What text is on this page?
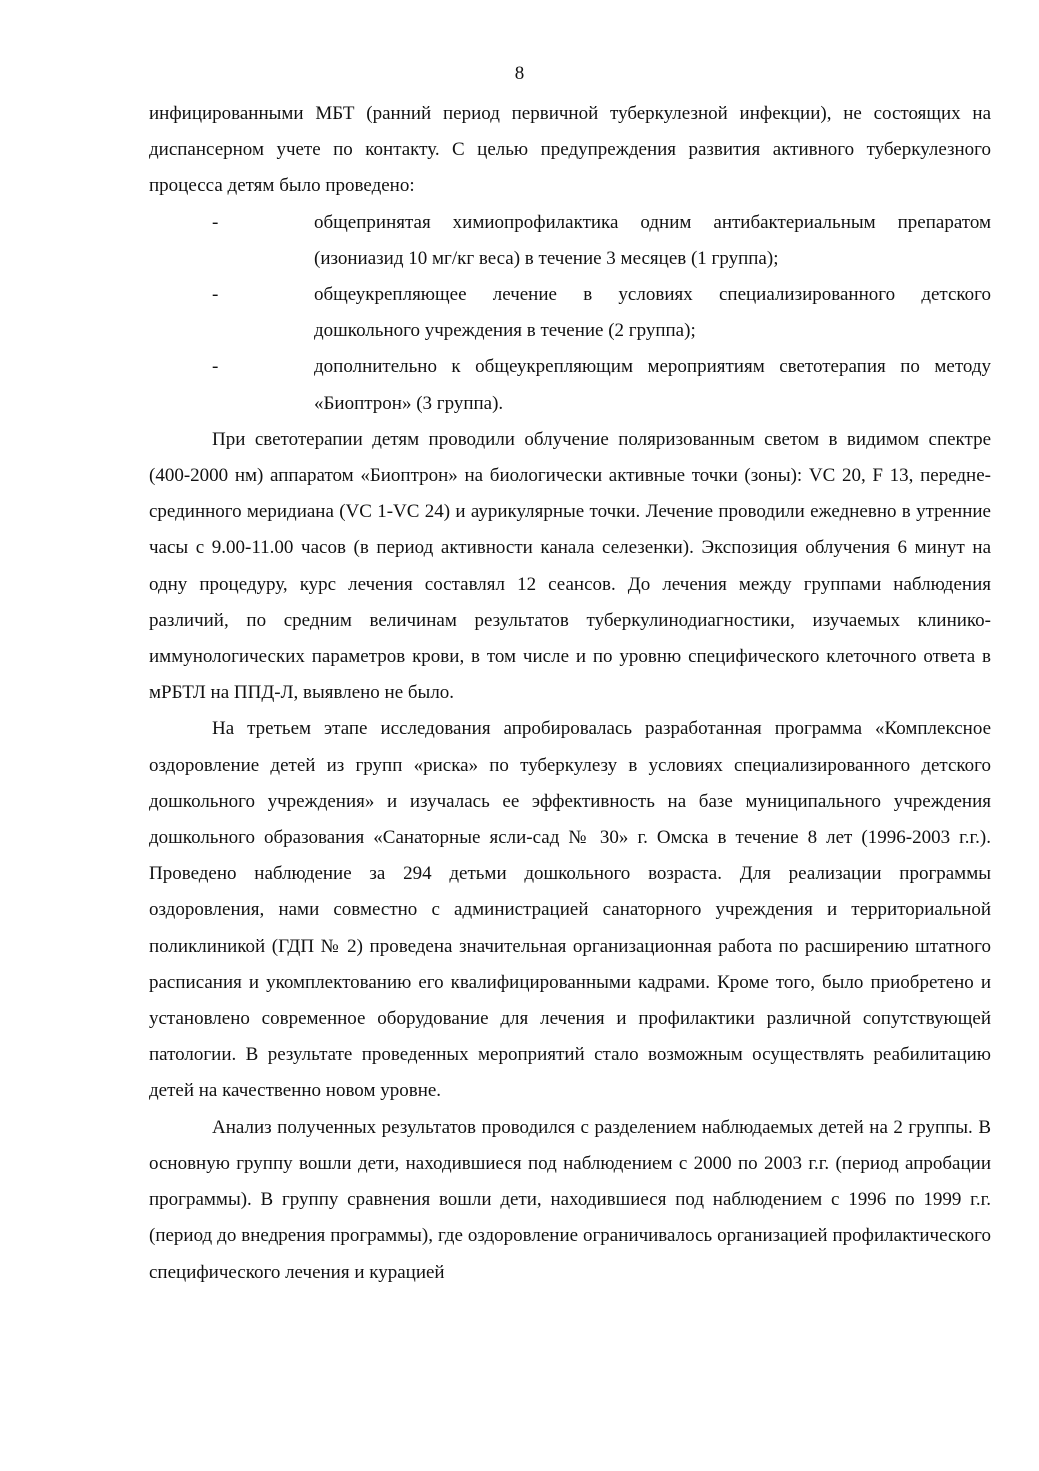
8

инфицированными МБТ (ранний период первичной туберкулезной инфекции), не состоящих на диспансерном учете по контакту. С целью предупреждения развития активного туберкулезного процесса детям было проведено:

-	общепринятая химиопрофилактика одним антибактериальным препаратом (изониазид 10 мг/кг веса) в течение 3 месяцев (1 группа);
-	общеукрепляющее лечение в условиях специализированного детского дошкольного учреждения в течение (2 группа);
-	дополнительно к общеукрепляющим мероприятиям светотерапия по методу «Биоптрон» (3 группа).

При светотерапии детям проводили облучение поляризованным светом в видимом спектре (400-2000 нм) аппаратом «Биоптрон» на биологически активные точки (зоны): VC 20, F 13, передне-срединного меридиана (VC 1-VC 24) и аурикулярные точки. Лечение проводили ежедневно в утренние часы с 9.00-11.00 часов (в период активности канала селезенки). Экспозиция облучения 6 минут на одну процедуру, курс лечения составлял 12 сеансов. До лечения между группами наблюдения различий, по средним величинам результатов туберкулинодиагностики, изучаемых клинико-иммунологических параметров крови, в том числе и по уровню специфического клеточного ответа в мРБТЛ на ППД-Л, выявлено не было.

На третьем этапе исследования апробировалась разработанная программа «Комплексное оздоровление детей из групп «риска» по туберкулезу в условиях специализированного детского дошкольного учреждения» и изучалась ее эффективность на базе муниципального учреждения дошкольного образования «Санаторные ясли-сад № 30» г. Омска в течение 8 лет (1996-2003 г.г.). Проведено наблюдение за 294 детьми дошкольного возраста. Для реализации программы оздоровления, нами совместно с администрацией санаторного учреждения и территориальной поликлиникой (ГДП № 2) проведена значительная организационная работа по расширению штатного расписания и укомплектованию его квалифицированными кадрами. Кроме того, было приобретено и установлено современное оборудование для лечения и профилактики различной сопутствующей патологии. В результате проведенных мероприятий стало возможным осуществлять реабилитацию детей на качественно новом уровне.

Анализ полученных результатов проводился с разделением наблюдаемых детей на 2 группы. В основную группу вошли дети, находившиеся под наблюдением с 2000 по 2003 г.г. (период апробации программы). В группу сравнения вошли дети, находившиеся под наблюдением с 1996 по 1999 г.г. (период до внедрения программы), где оздоровление ограничивалось организацией профилактического специфического лечения и курацией
